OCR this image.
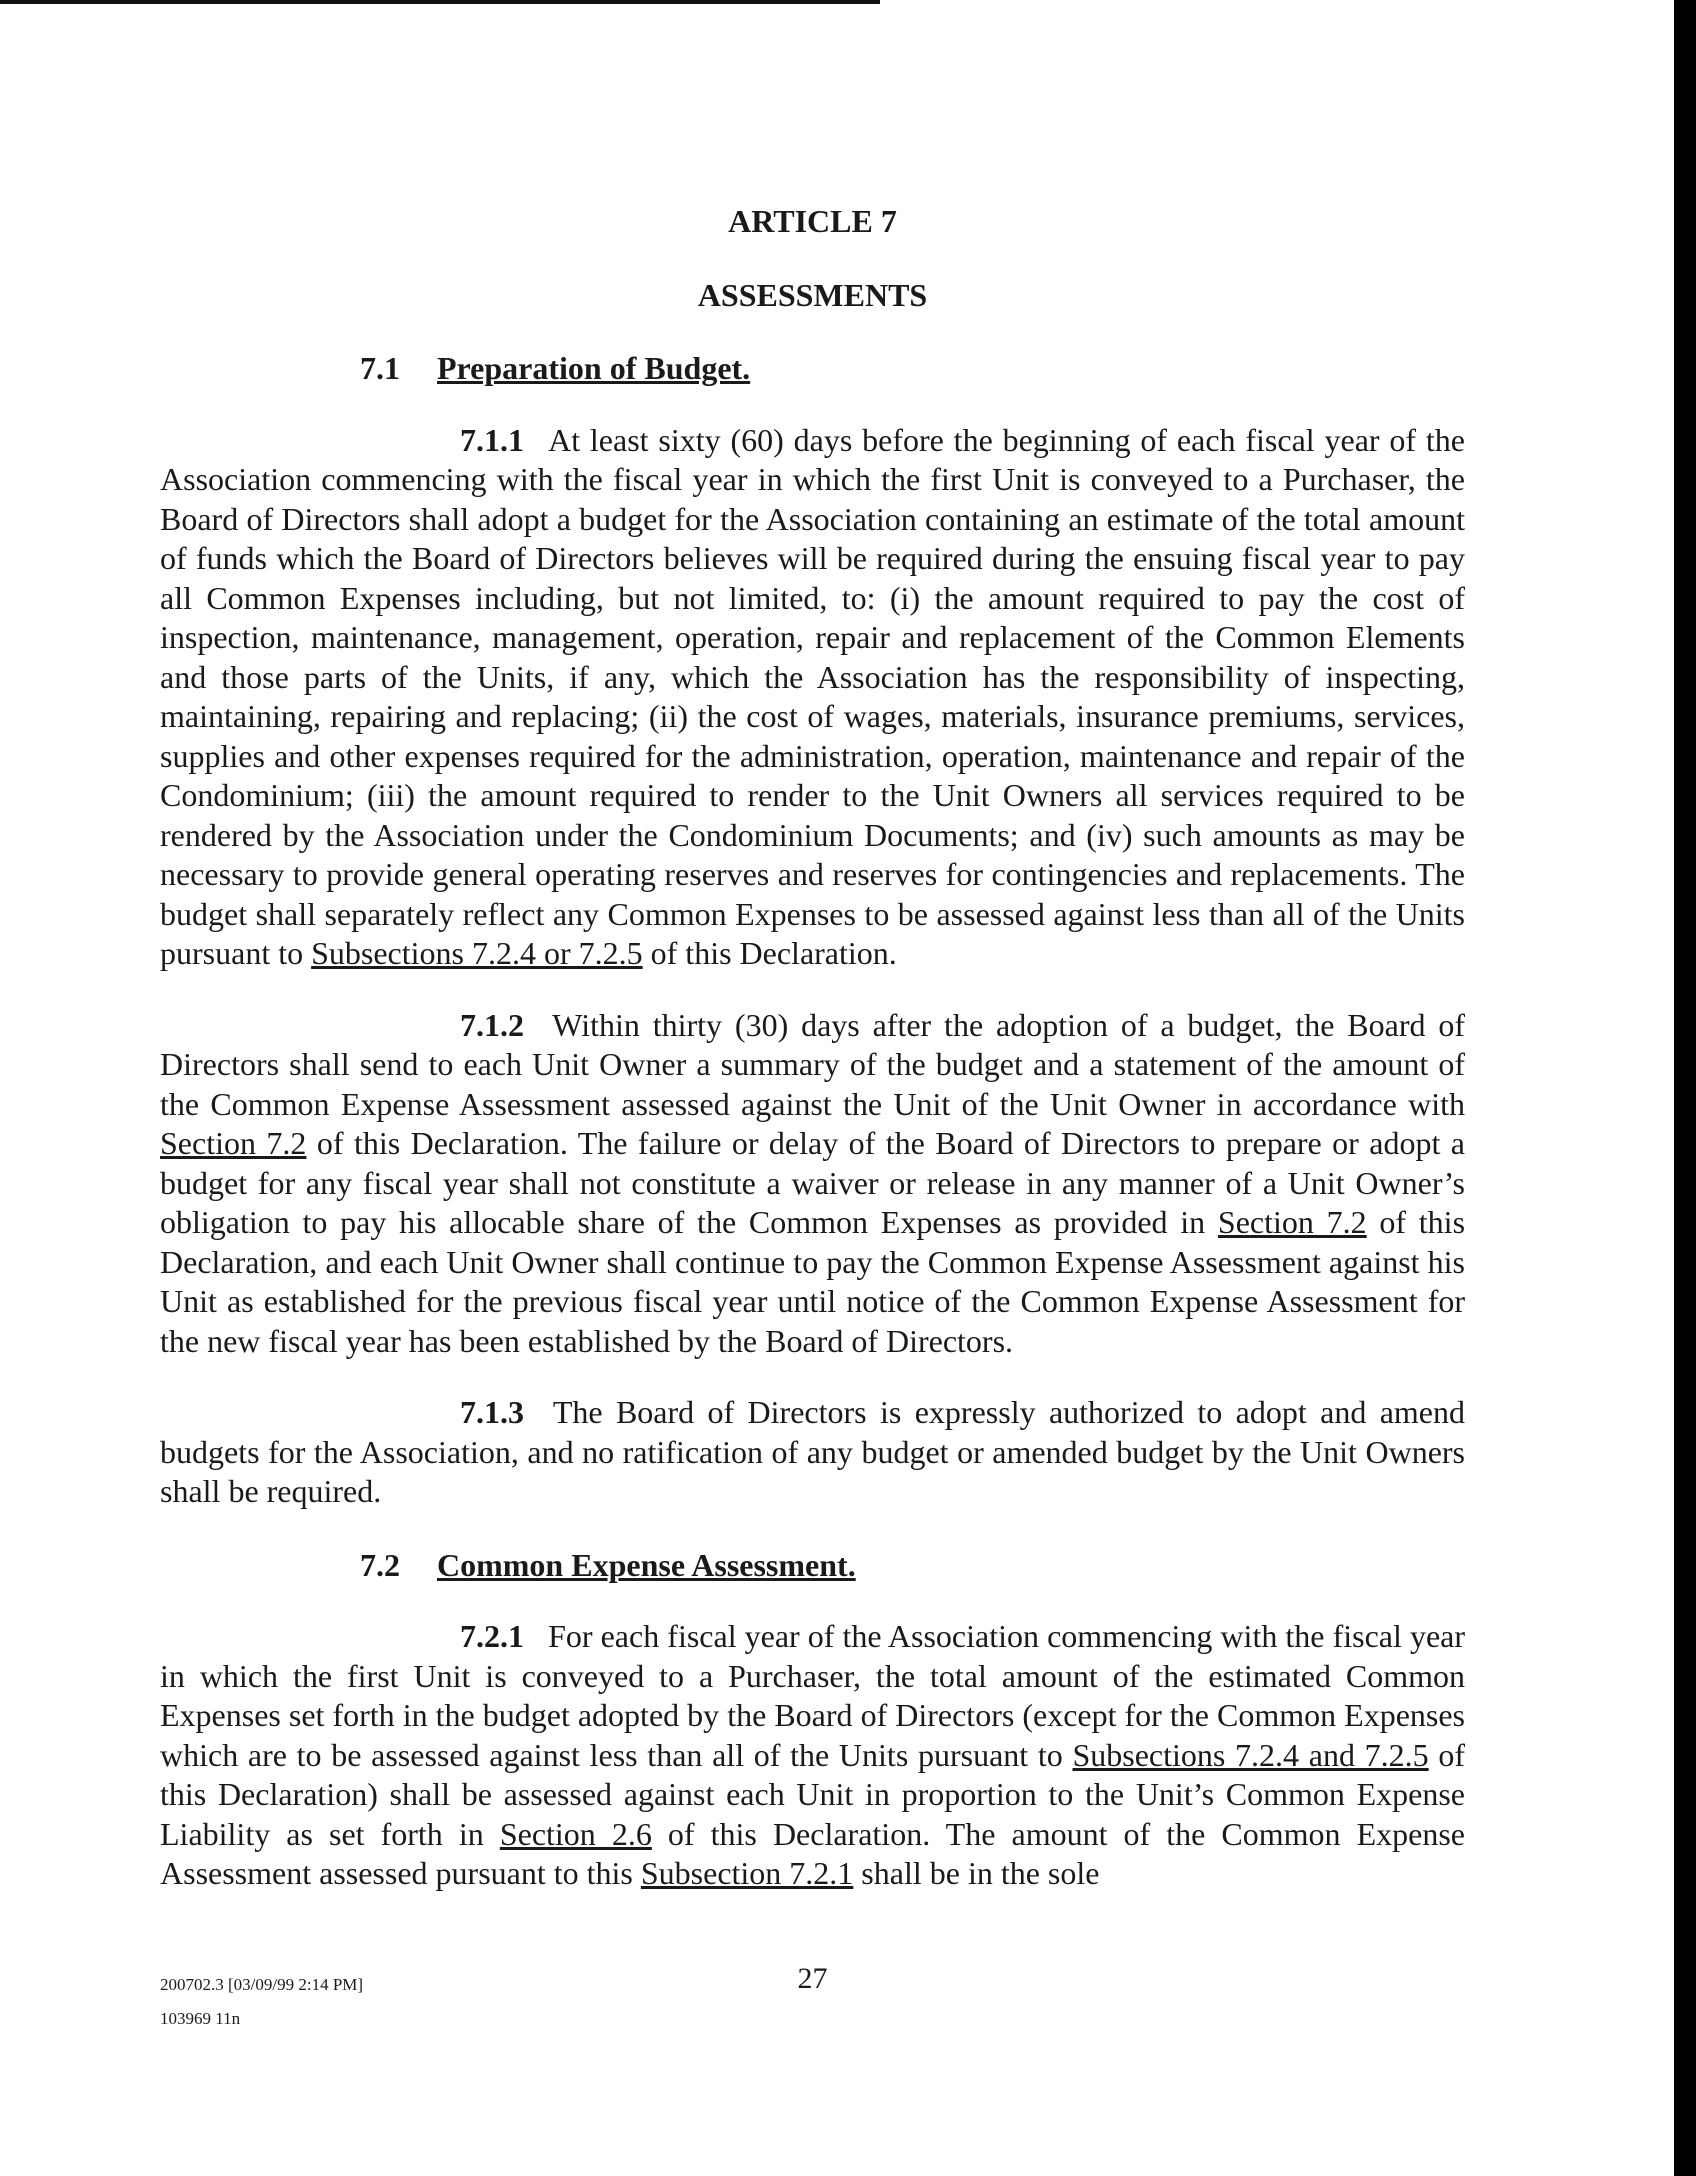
ARTICLE 7
ASSESSMENTS
7.1 Preparation of Budget.

7.1.1 At least sixty (60) days before the beginning of each fiscal year of the Association commencing with the fiscal year in which the first Unit is conveyed to a Purchaser, the Board of Directors shall adopt a budget for the Association containing an estimate of the total amount of funds which the Board of Directors believes will be required during the ensuing fiscal year to pay all Common Expenses including, but not limited, to: (i) the amount required to pay the cost of inspection, maintenance, management, operation, repair and replacement of the Common Elements and those parts of the Units, if any, which the Association has the responsibility of inspecting, maintaining, repairing and replacing; (ii) the cost of wages, materials, insurance premiums, services, supplies and other expenses required for the administration, operation, maintenance and repair of the Condominium; (iii) the amount required to render to the Unit Owners all services required to be rendered by the Association under the Condominium Documents; and (iv) such amounts as may be necessary to provide general operating reserves and reserves for contingencies and replacements. The budget shall separately reflect any Common Expenses to be assessed against less than all of the Units pursuant to Subsections 7.2.4 or 7.2.5 of this Declaration.

7.1.2 Within thirty (30) days after the adoption of a budget, the Board of Directors shall send to each Unit Owner a summary of the budget and a statement of the amount of the Common Expense Assessment assessed against the Unit of the Unit Owner in accordance with Section 7.2 of this Declaration. The failure or delay of the Board of Directors to prepare or adopt a budget for any fiscal year shall not constitute a waiver or release in any manner of a Unit Owner’s obligation to pay his allocable share of the Common Expenses as provided in Section 7.2 of this Declaration, and each Unit Owner shall continue to pay the Common Expense Assessment against his Unit as established for the previous fiscal year until notice of the Common Expense Assessment for the new fiscal year has been established by the Board of Directors.

7.1.3 The Board of Directors is expressly authorized to adopt and amend budgets for the Association, and no ratification of any budget or amended budget by the Unit Owners shall be required.

7.2 Common Expense Assessment.

7.2.1 For each fiscal year of the Association commencing with the fiscal year in which the first Unit is conveyed to a Purchaser, the total amount of the estimated Common Expenses set forth in the budget adopted by the Board of Directors (except for the Common Expenses which are to be assessed against less than all of the Units pursuant to Subsections 7.2.4 and 7.2.5 of this Declaration) shall be assessed against each Unit in proportion to the Unit’s Common Expense Liability as set forth in Section 2.6 of this Declaration. The amount of the Common Expense Assessment assessed pursuant to this Subsection 7.2.1 shall be in the sole

200702.3 [03/09/99 2:14 PM]
103969 11n
27
